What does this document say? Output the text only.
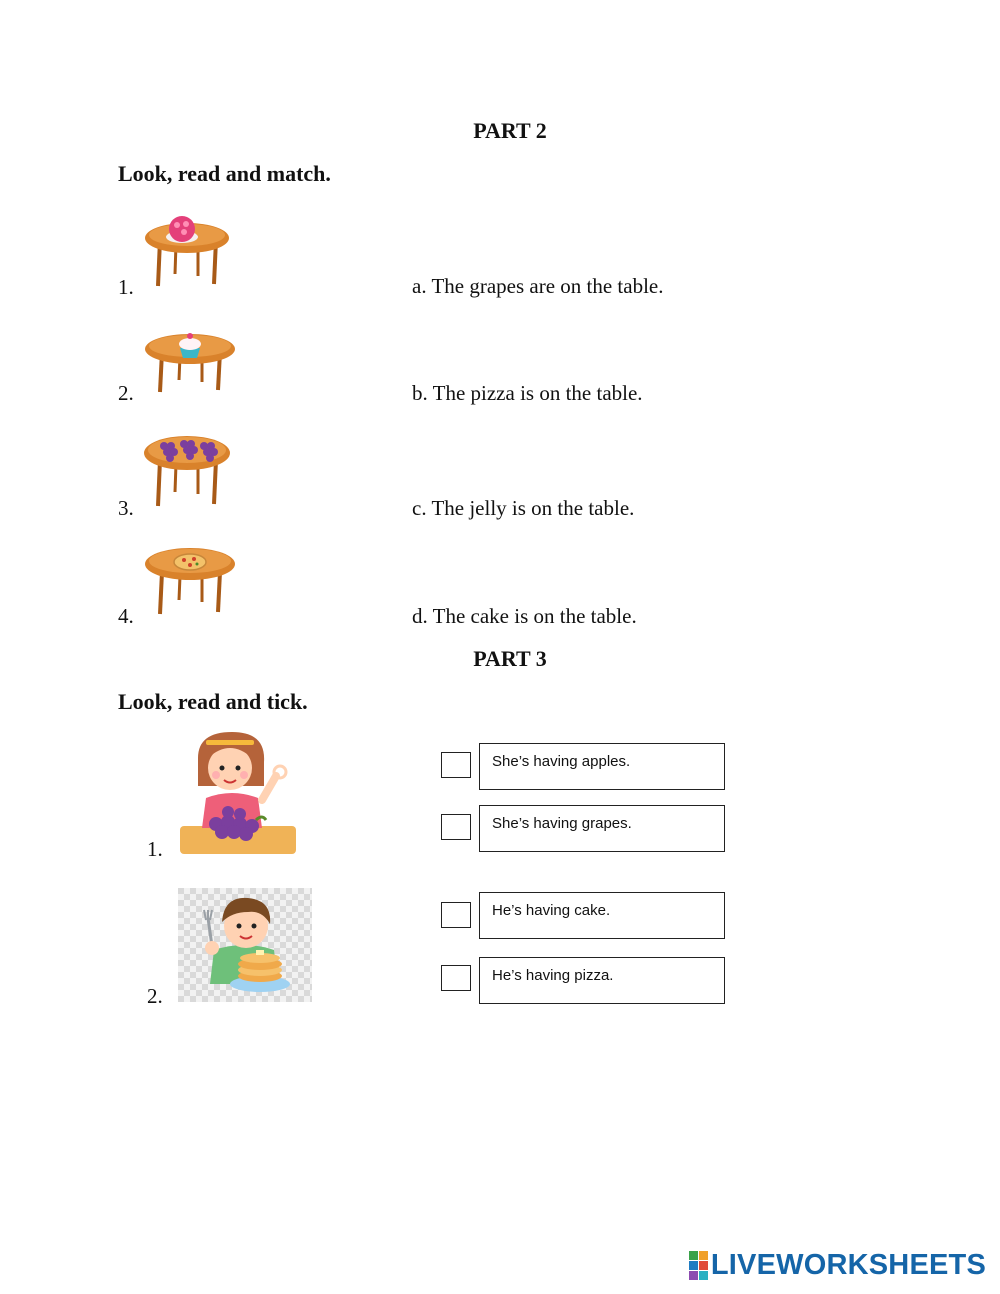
PART 2
Look, read and match.
1.	a. The grapes are on the table.
2.	b. The pizza is on the table.
3.	c. The jelly is on the table.
4.	d. The cake is on the table.
PART 3
Look, read and tick.
1.
She’s having apples.
She’s having grapes.
2.
He’s having cake.
He’s having pizza.
LIVEWORKSHEETS
